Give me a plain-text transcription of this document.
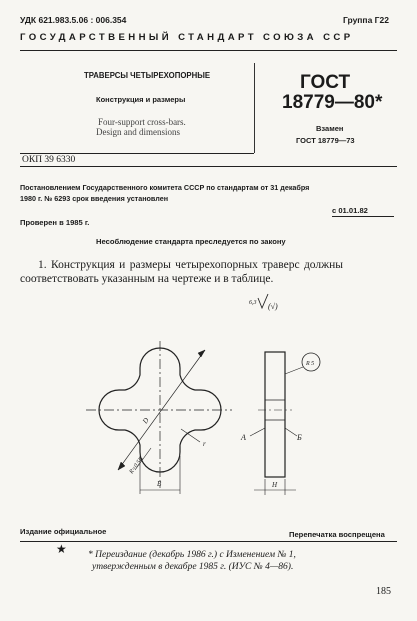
УДК 621.983.5.06 : 006.354	Группа Г22
ГОСУДАРСТВЕННЫЙ СТАНДАРТ СОЮЗА ССР
ТРАВЕРСЫ ЧЕТЫРЕХОПОРНЫЕ
Конструкция и размеры
Four-support cross-bars.
Design and dimensions
ГОСТ
18779—80*
Взамен
ГОСТ 18779—73
ОКП 39 6330
Постановлением Государственного комитета СССР по стандартам от 31 декабря
1980 г. № 6293 срок введения установлен
с 01.01.82
Проверен в 1985 г.
Несоблюдение стандарта преследуется по закону
1. Конструкция и размеры четырехопорных траверс должны
соответствовать указанным на чертеже и в таблице.
6,3 (√)
D
r
R=0,5B
B
A	Б
H
R 5
Издание официальное	Перепечатка воспрещена
★ * Переиздание (декабрь 1986 г.) с Изменением № 1,
утвержденным в декабре 1985 г. (ИУС № 4—86).
185
